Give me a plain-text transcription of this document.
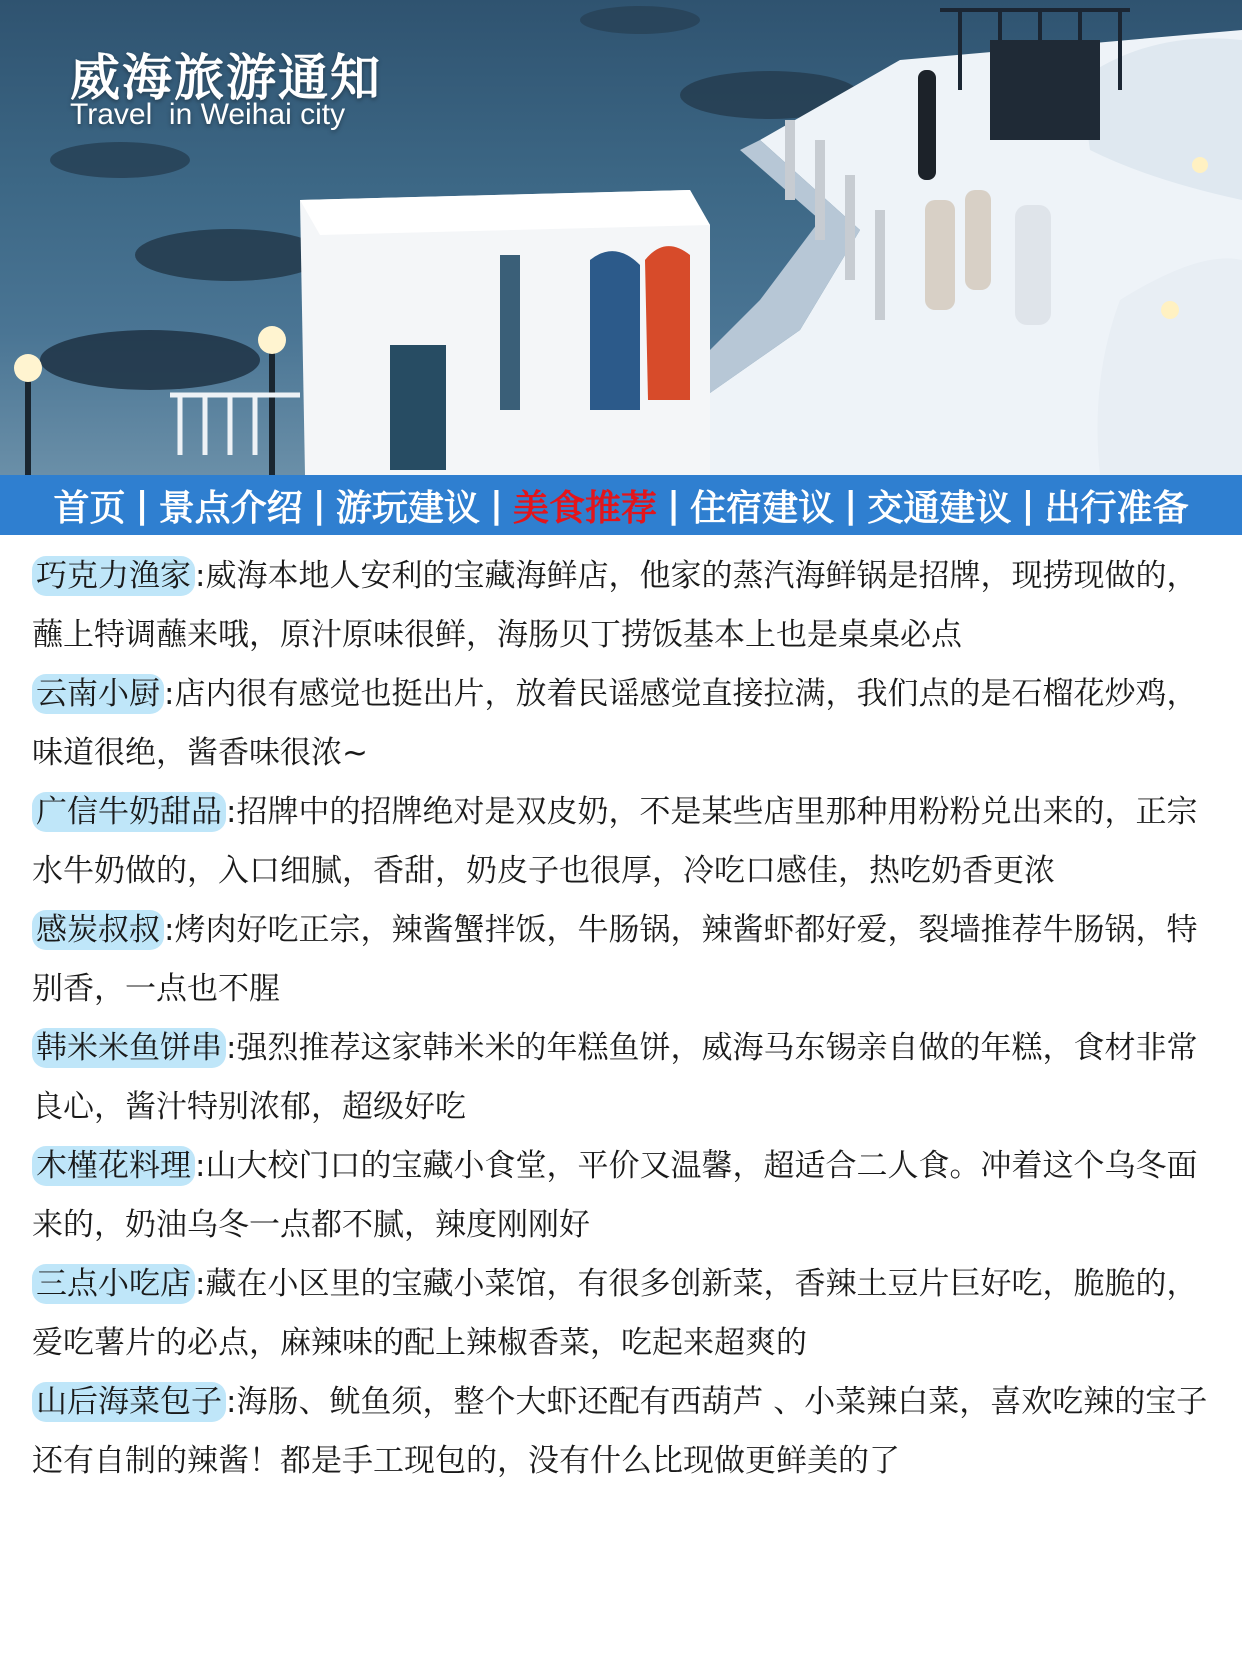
威海旅游通知

Travel  in Weihai city

首页 | 景点介绍 | 游玩建议 | 美食推荐 | 住宿建议 | 交通建议 | 出行准备

巧克力渔家 :威海本地人安利的宝藏海鲜店，他家的蒸汽海鲜锅是招牌，现捞现做的，蘸上特调蘸来哦，原汁原味很鲜，海肠贝丁捞饭基本上也是桌桌必点

云南小厨 :店内很有感觉也挺出片，放着民谣感觉直接拉满，我们点的是石榴花炒鸡，味道很绝，酱香味很浓~

广信牛奶甜品 :招牌中的招牌绝对是双皮奶，不是某些店里那种用粉粉兑出来的，正宗水牛奶做的，入口细腻，香甜，奶皮子也很厚，冷吃口感佳，热吃奶香更浓

感炭叔叔 :烤肉好吃正宗，辣酱蟹拌饭，牛肠锅，辣酱虾都好爱，裂墙推荐牛肠锅，特别香，一点也不腥

韩米米鱼饼串 :强烈推荐这家韩米米的年糕鱼饼，威海马东锡亲自做的年糕，食材非常良心，酱汁特别浓郁，超级好吃

木槿花料理 :山大校门口的宝藏小食堂，平价又温馨，超适合二人食。冲着这个乌冬面来的，奶油乌冬一点都不腻，辣度刚刚好

三点小吃店 :藏在小区里的宝藏小菜馆，有很多创新菜，香辣土豆片巨好吃，脆脆的，爱吃薯片的必点，麻辣味的配上辣椒香菜，吃起来超爽的

山后海菜包子 :海肠、鱿鱼须，整个大虾还配有西葫芦 、小菜辣白菜，喜欢吃辣的宝子还有自制的辣酱！都是手工现包的，没有什么比现做更鲜美的了
